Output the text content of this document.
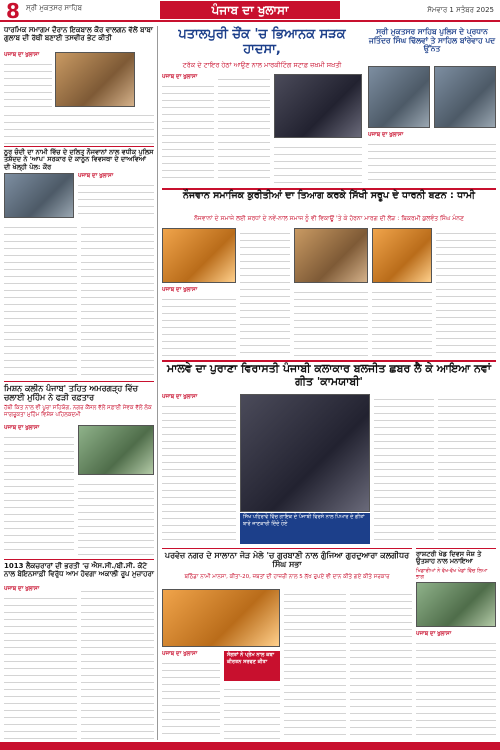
8 ਸ੍ਰੀ ਮੁਕਤਸਰ ਸਾਹਿਬ	ਪੰਜਾਬ ਦਾ ਖੁਲਾਸਾ	ਸੋਮਵਾਰ 1 ਸਤੰਬਰ 2025
ਧਾਰਮਿਕ ਸਮਾਗਮ ਦੌਰਾਨ ਇਕਬਾਲ ਕੌਰ ਵਾਲਗਨ ਵੱਲੋਂ ਬਾਬਾ ਗੁਲਾਬ ਦੀ ਰੱਥੀ ਬਣਾਈ ਤਸਵੀਰ ਭੇਟ ਕੀਤੀ
ਪੰਜਾਬ ਦਾ ਖੁਲਾਸਾ
ਨੂਰ ਚੰਦੀ ਦਾ ਨਾਮੀ ਵਿੱਚ ਦੇ ਦਲਿਤ ਨੌਜਵਾਨਾਂ ਨਾਲ ਵਧੀਕ ਪੁਲਿਸ ਤਸ਼ੱਦਦ ਨੇ 'ਆਪ' ਸਰਕਾਰ ਦੇ ਕਾਨੂੰਨ ਵਿਵਸਥਾ ਦੇ ਦਾਅਵਿਆਂ ਦੀ ਖੋਲ੍ਹੀ ਪੋਲ: ਕੌਰ
ਪੰਜਾਬ ਦਾ ਖੁਲਾਸਾ
ਮਿਸ਼ਨ ਕਲੀਨ ਪੰਜਾਬ' ਤਹਿਤ ਅਮਰਗੜ੍ਹ ਵਿੱਚ ਚਲਾਈ ਮੁਹਿੰਮ ਨੇ ਫੜੀ ਰਫ਼ਤਾਰ
ਹੱਥੀ ਕਿਤ ਨਾਲ ਵੀ ਪੂਰਾ ਸਹਿਯੋਗ, ਨਗਰ ਕੌਂਸਲ ਵੱਲੋਂ ਸਫ਼ਾਈ ਸੇਵਕ ਵੱਲੋਂ ਲੋਕ ਜਾਗਰੂਕਤਾ ਮੁਹਿੰਮ ਵਿਸ਼ੇਸ਼ ਪਹਿਲਕਦਮੀ
ਪੰਜਾਬ ਦਾ ਖੁਲਾਸਾ
1013 ਲੈਕਚਰਾਰਾਂ ਦੀ ਭਰਤੀ 'ਚ ਐਸ.ਸੀ./ਬੀ.ਸੀ. ਕੋਟੇ ਨਾਲ ਬੇਇਨਸਾਫ਼ੀ ਵਿਰੁੱਧ ਆਮ ਹੋਵਗਾ ਅਕਾਲੀ ਰੂਪ ਮੁਜ਼ਾਹਰਾ
ਪੰਜਾਬ ਦਾ ਖੁਲਾਸਾ
ਪਤਾਲਪੁਰੀ ਚੌਂਕ 'ਚ ਭਿਆਨਕ ਸੜਕ ਹਾਦਸਾ,
ਟਰੱਕ ਦੇ ਟਾਇਰ ਹੇਠਾਂ ਆਉਣ ਨਾਲ ਮਾਰਕੀਟਿੰਗ ਸਟਾਫ਼ ਜ਼ਖ਼ਮੀ ਸਖ਼ਤੀ
ਪੰਜਾਬ ਦਾ ਖੁਲਾਸਾ
ਸ੍ਰੀ ਮੁਕਤਸਰ ਸਾਹਿਬ ਪੁਲਿਸ ਦੇ ਪ੍ਰਧਾਨ ਜਤਿੰਦਰ ਸਿੰਘ ਢਿੱਲਵਾਂ ਤੇ ਸਾਹਿਲ ਬਾਂਰੇਵਾਹ ਪਦ ਉੱਨਤ
ਪੰਜਾਬ ਦਾ ਖੁਲਾਸਾ
ਨੌਜਵਾਨ ਸਮਾਜਿਕ ਕੁਰੀਤੀਆਂ ਦਾ ਤਿਆਗ ਕਰਕੇ ਸਿੱਖੀ ਸਰੂਪ ਦੇ ਧਾਰਨੀ ਬਣਨ : ਧਾਮੀ
ਨੌਜਵਾਨਾਂ ਦੇ ਸਮਾਜੇ ਲਈ ਸ਼ਰਧਾਂ ਦੇ ਨਵੇਂ-ਨਾਲ ਸਮਾਜ ਨੂੰ ਵੀ ਵਿਕਾਊਂ 'ਤੇ ਕੇ ਹੋਰਨਾ ਮਾਰਗ ਦੀ ਲੋੜ : ਬਿਕਰਮੀ ਕੁਲਵੰਤ ਸਿੰਘ ਮੰਨਣ
ਪੰਜਾਬ ਦਾ ਖੁਲਾਸਾ
ਮਾਲਵੇ ਦਾ ਪੁਰਾਣਾ ਵਿਰਾਸਤੀ ਪੰਜਾਬੀ ਕਲਾਕਾਰ ਬਲਜੀਤ ਛਬਰ ਲੈ ਕੇ ਆਇਆ ਨਵਾਂ ਗੀਤ 'ਕਾਮਯਾਬੀ'
ਪੰਜਾਬ ਦਾ ਖੁਲਾਸਾ
ਸਿੱਖ ਪਹਿਰਾਵੇ ਵਿੱਚ ਗਾਇਕ ਦੇ ਪੰਜਾਬੀ ਵਿਰਸੇ ਨਾਲ ਪਿਆਰ ਦੇ ਗੀਤਾਂ ਬਾਰੇ ਜਾਣਕਾਰੀ ਦਿੰਦੇ ਹੋਏ
ਪਰਵੇਜ਼ ਨਗਰ ਦੇ ਸਾਲਾਨਾ ਜੋੜ ਮੇਲੇ 'ਚ ਗੁਰਬਾਣੀ ਨਾਲ ਗੁੰਜਿਆ ਗੁਰਦੁਆਰਾ ਕਲਗੀਧਰ ਸਿੰਘ ਸਭਾ
ਬਠਿੰਡਾ ਨਾਮੀ ਮਾਨਸਾ, ਕੀਤਾ-20, ਜ਼ਬਤਾਂ ਦੀ ਹਾਜ਼ਰੀ ਨਾਲ 5 ਲੱਖ ਰੁਪਏ ਵੀ ਦਾਨ ਕੀਤੇ ਗਏ ਕੀਤੇ ਸਰਕਾਰ
ਪੰਜਾਬ ਦਾ ਖੁਲਾਸਾ	ਸੰਗਤਾਂ ਨੇ ਪ੍ਰੇਮ ਨਾਲ ਕਥਾ ਕੀਰਤਨ ਸਰਵਣ ਕੀਤਾ
ਰਾਸ਼ਟਰੀ ਖੇਡ ਦਿਵਸ ਜੋਸ਼ ਤੇ ਉਤਸ਼ਾਹ ਨਾਲ ਮਨਾਇਆ
ਖਿਡਾਰੀਆਂ ਨੇ ਵੱਖ-ਵੱਖ ਖੇਡਾਂ ਵਿੱਚ ਲਿਆ ਭਾਗ
ਪੰਜਾਬ ਦਾ ਖੁਲਾਸਾ
